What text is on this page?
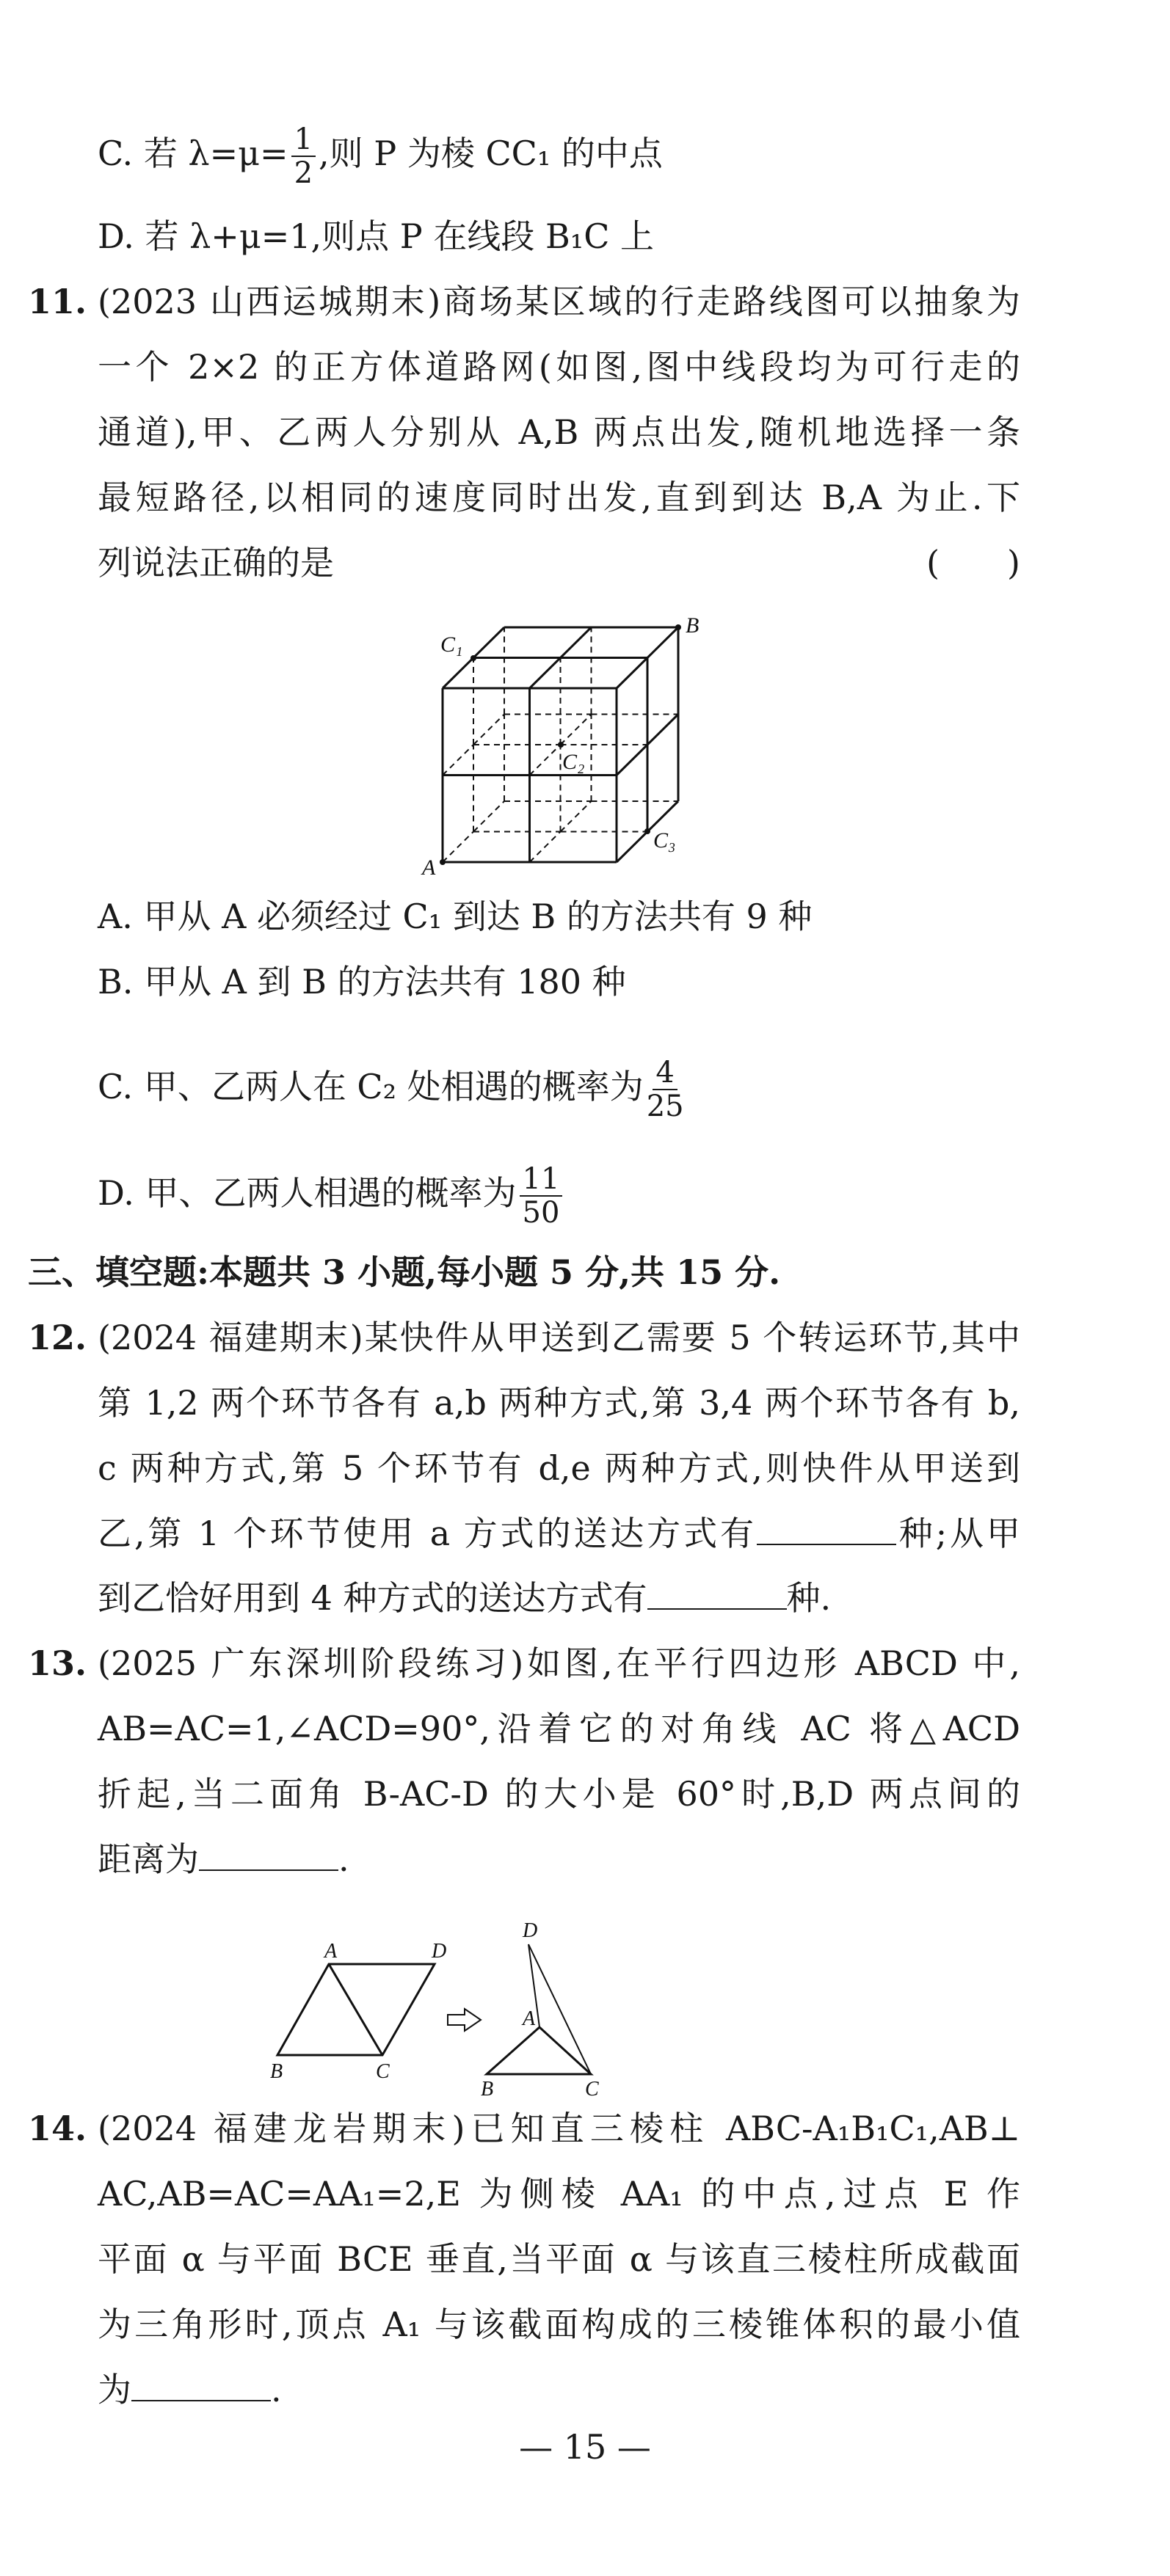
C. 若 $\lambda=\mu= \frac{1}{2}$ ,则 P 为棱 CC₁ 的中点
D. 若 λ+μ=1,则点 P 在线段 B₁C 上
11. (2023 山西运城期末)商场某区域的行走路线图可以抽象为
一个 2×2 的正方体道路网(如图,图中线段均为可行走的
通道),甲、乙两人分别从 A,B 两点出发,随机地选择一条
最短路径,以相同的速度同时出发,直到到达 B,A 为止.下
列说法正确的是	(　　)
A
C₁
C₂
C₃
B
A. 甲从 A 必须经过 C₁ 到达 B 的方法共有 9 种
B. 甲从 A 到 B 的方法共有 180 种
C. 甲、乙两人在 C₂ 处相遇的概率为 $\frac{4}{25}$
D. 甲、乙两人相遇的概率为 $\frac{11}{50}$
三、填空题:本题共 3 小题,每小题 5 分,共 15 分.
12. (2024 福建期末)某快件从甲送到乙需要 5 个转运环节,其中
第 1,2 两个环节各有 a,b 两种方式,第 3,4 两个环节各有 b,
c 两种方式,第 5 个环节有 d,e 两种方式,则快件从甲送到
乙,第 1 个环节使用 a 方式的送达方式有	种;从甲
到乙恰好用到 4 种方式的送达方式有	种.
13. (2025 广东深圳阶段练习)如图,在平行四边形 ABCD 中,
AB=AC=1,∠ACD=90°,沿着它的对角线 AC 将△ACD
折起,当二面角 B-AC-D 的大小是 60°时,B,D 两点间的
距离为	.
A	D
B	C
D
A
B	C
14. (2024 福建龙岩期末)已知直三棱柱 ABC-A₁B₁C₁,AB⊥
AC,AB=AC=AA₁=2,E 为侧棱 AA₁ 的中点,过点 E 作
平面 α 与平面 BCE 垂直,当平面 α 与该直三棱柱所成截面
为三角形时,顶点 A₁ 与该截面构成的三棱锥体积的最小值
为	.
— 15 —
